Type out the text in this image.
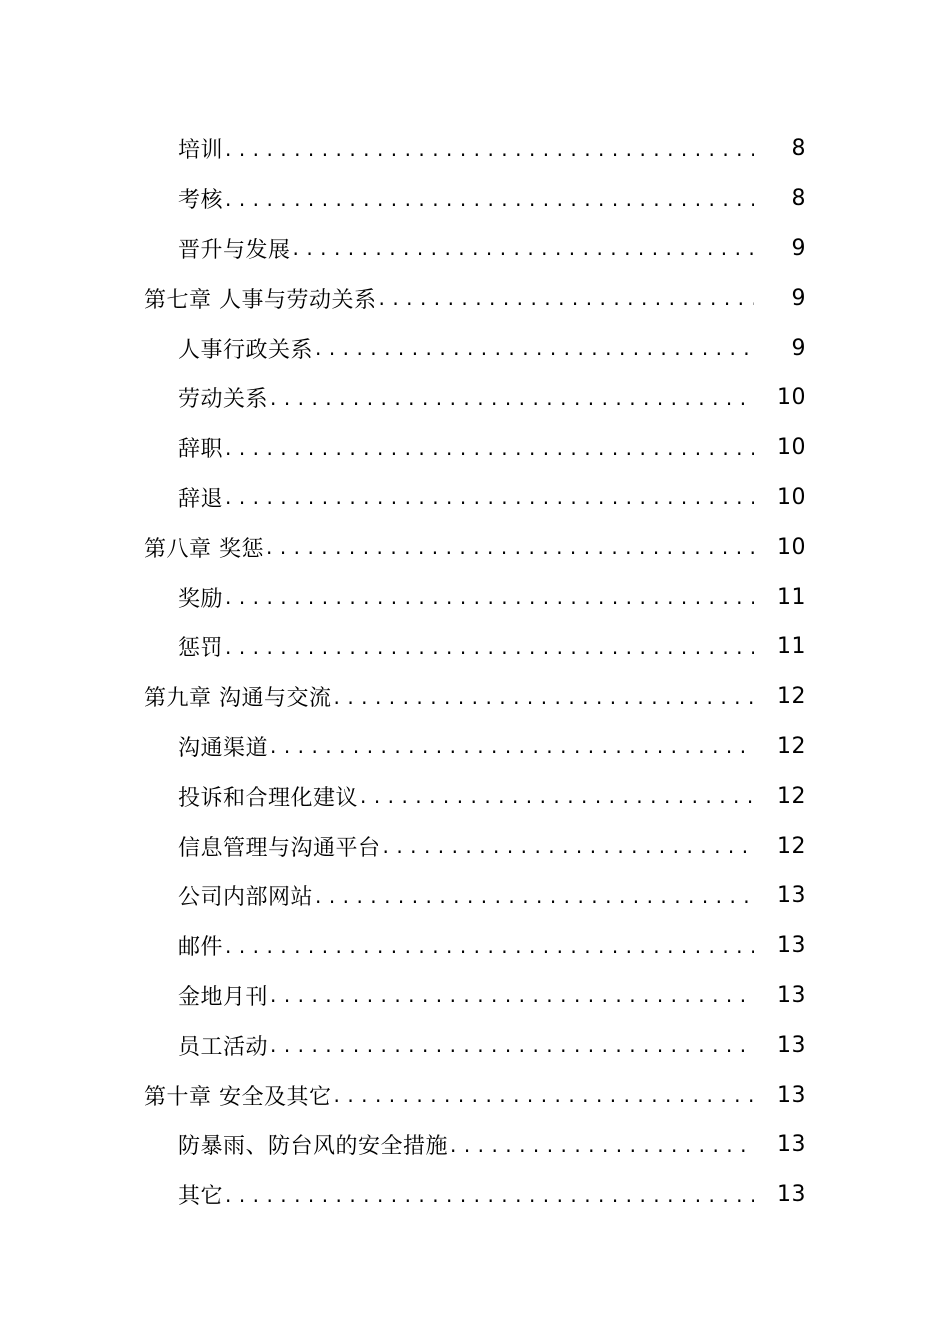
培训 . . .	8
考核 . . .	8
晋升与发展 . . .	9
第七章 人事与劳动关系 . . .	9
人事行政关系 . . .	9
劳动关系 . . .	10
辞职 . . .	10
辞退 . . .	10
第八章 奖惩 . . .	10
奖励 . . .	11
惩罚 . . .	11
第九章 沟通与交流 . . .	12
沟通渠道 . . .	12
投诉和合理化建议 . . .	12
信息管理与沟通平台 . . .	12
公司内部网站 . . .	13
邮件 . . .	13
金地月刊 . . .	13
员工活动 . . .	13
第十章 安全及其它 . . .	13
防暴雨、防台风的安全措施 . . .	13
其它 . . .	13
